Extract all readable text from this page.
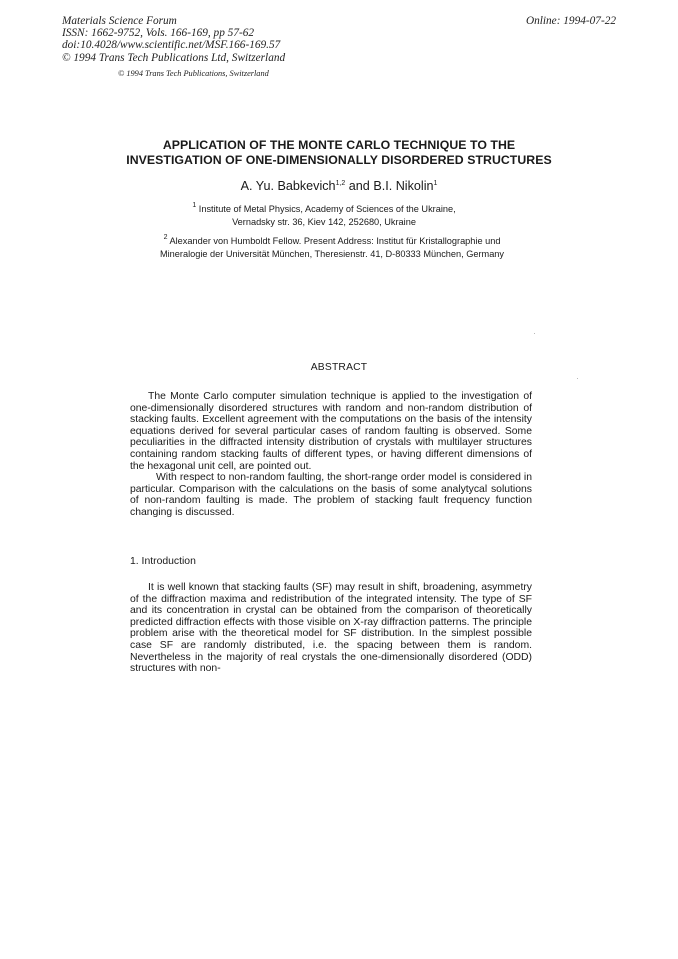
Materials Science Forum
ISSN: 1662-9752, Vols. 166-169, pp 57-62
doi:10.4028/www.scientific.net/MSF.166-169.57
© 1994 Trans Tech Publications Ltd, Switzerland
Online: 1994-07-22
© 1994 Trans Tech Publications, Switzerland
APPLICATION OF THE MONTE CARLO TECHNIQUE TO THE
INVESTIGATION OF ONE-DIMENSIONALLY DISORDERED STRUCTURES
A. Yu. Babkevich$^{1,2}$ and B.I. Nikolin$^1$
$^1$ Institute of Metal Physics, Academy of Sciences of the Ukraine,
Vernadsky str. 36, Kiev 142, 252680, Ukraine
$^2$ Alexander von Humboldt Fellow. Present Address: Institut für Kristallographie und
Mineralogie der Universität München, Theresienstr. 41, D-80333 München, Germany
ABSTRACT

The Monte Carlo computer simulation technique is applied to the investigation of one-dimensionally disordered structures with random and non-random distribution of stacking faults. Excellent agreement with the computations on the basis of the intensity equations derived for several particular cases of random faulting is observed. Some peculiarities in the diffracted intensity distribution of crystals with multilayer structures containing random stacking faults of different types, or having different dimensions of the hexagonal unit cell, are pointed out.

With respect to non-random faulting, the short-range order model is considered in particular. Comparison with the calculations on the basis of some analytycal solutions of non-random faulting is made. The problem of stacking fault frequency function changing is discussed.

1. Introduction

It is well known that stacking faults (SF) may result in shift, broadening, asymmetry of the diffraction maxima and redistribution of the integrated intensity. The type of SF and its concentration in crystal can be obtained from the comparison of theoretically predicted diffraction effects with those visible on X-ray diffraction patterns. The principle problem arise with the theoretical model for SF distribution. In the simplest possible case SF are randomly distributed, i.e. the spacing between them is random. Nevertheless in the majority of real crystals the one-dimensionally disordered (ODD) structures with non-
